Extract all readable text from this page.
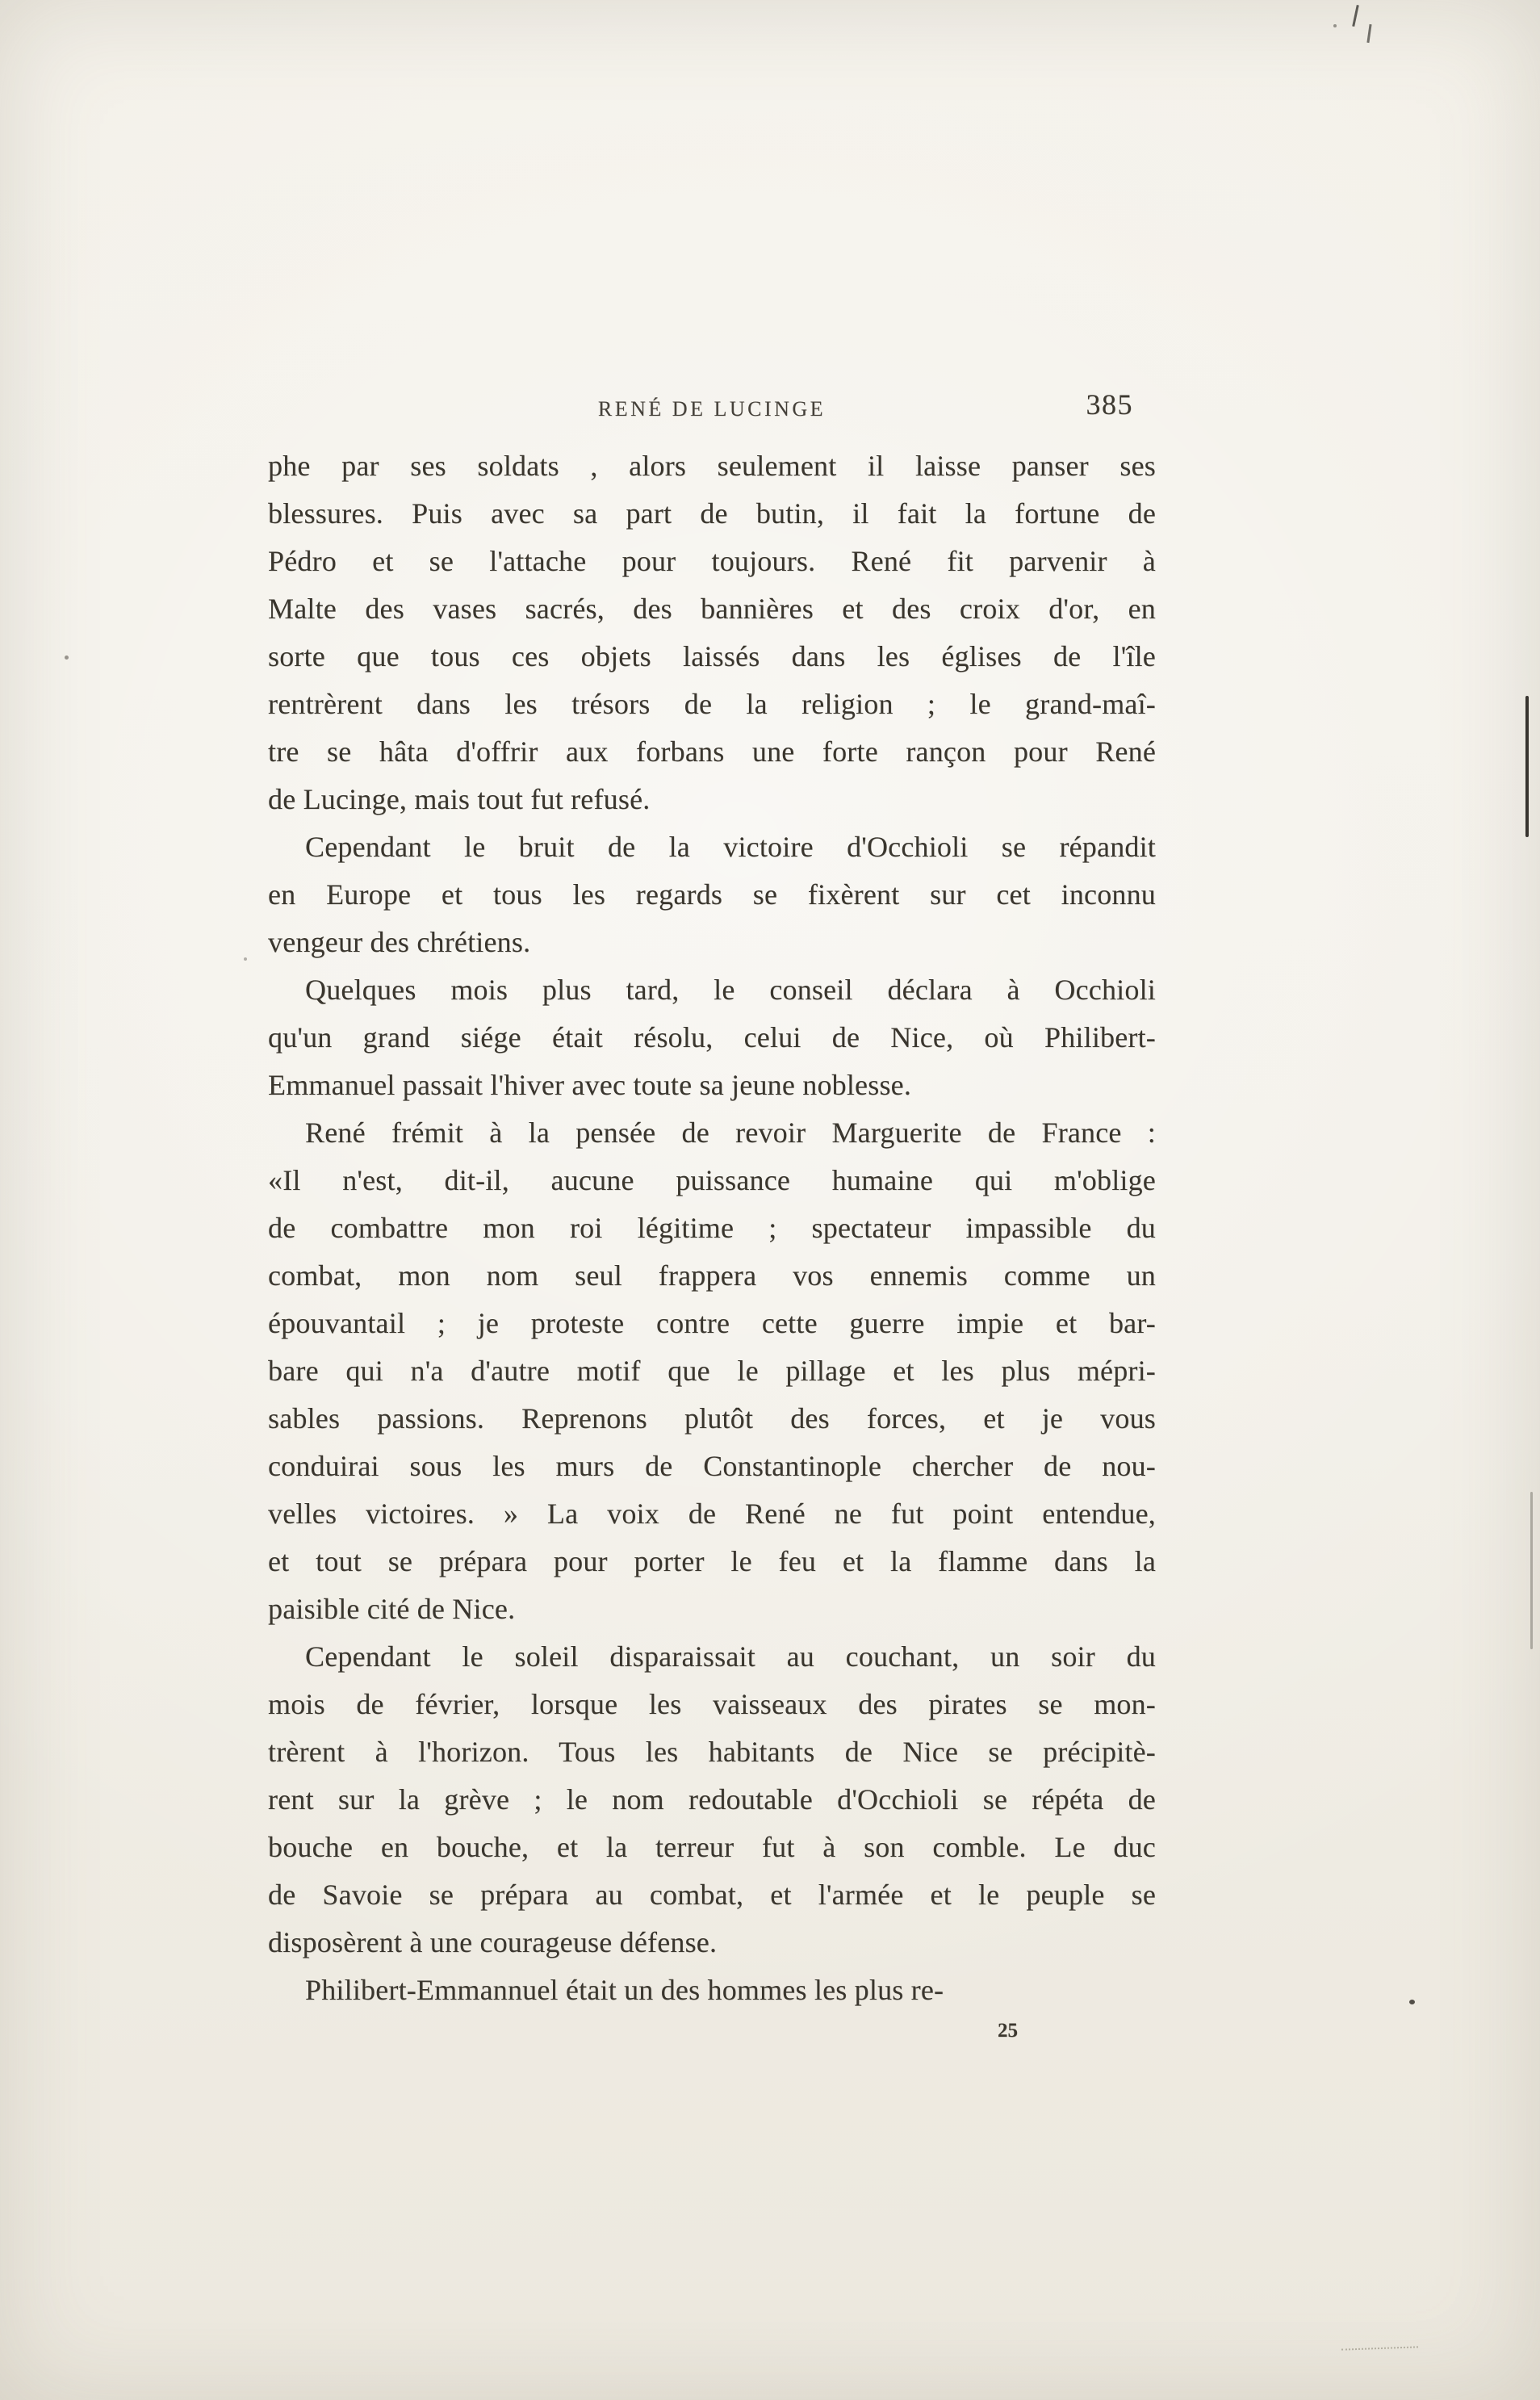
RENÉ DE LUCINGE	385
phe par ses soldats , alors seulement il laisse panser ses
blessures. Puis avec sa part de butin, il fait la fortune de
Pédro et se l'attache pour toujours. René fit parvenir à
Malte des vases sacrés, des bannières et des croix d'or, en
sorte que tous ces objets laissés dans les églises de l'île
rentrèrent dans les trésors de la religion ; le grand-maî-
tre se hâta d'offrir aux forbans une forte rançon pour René
de Lucinge, mais tout fut refusé.
Cependant le bruit de la victoire d'Occhioli se répandit
en Europe et tous les regards se fixèrent sur cet inconnu
vengeur des chrétiens.
Quelques mois plus tard, le conseil déclara à Occhioli
qu'un grand siége était résolu, celui de Nice, où Philibert-
Emmanuel passait l'hiver avec toute sa jeune noblesse.
René frémit à la pensée de revoir Marguerite de France :
«Il n'est, dit-il, aucune puissance humaine qui m'oblige
de combattre mon roi légitime ; spectateur impassible du
combat, mon nom seul frappera vos ennemis comme un
épouvantail ; je proteste contre cette guerre impie et bar-
bare qui n'a d'autre motif que le pillage et les plus mépri-
sables passions. Reprenons plutôt des forces, et je vous
conduirai sous les murs de Constantinople chercher de nou-
velles victoires. » La voix de René ne fut point entendue,
et tout se prépara pour porter le feu et la flamme dans la
paisible cité de Nice.
Cependant le soleil disparaissait au couchant, un soir du
mois de février, lorsque les vaisseaux des pirates se mon-
trèrent à l'horizon. Tous les habitants de Nice se précipitè-
rent sur la grève ; le nom redoutable d'Occhioli se répéta de
bouche en bouche, et la terreur fut à son comble. Le duc
de Savoie se prépara au combat, et l'armée et le peuple se
disposèrent à une courageuse défense.
Philibert-Emmannuel était un des hommes les plus re-
25
